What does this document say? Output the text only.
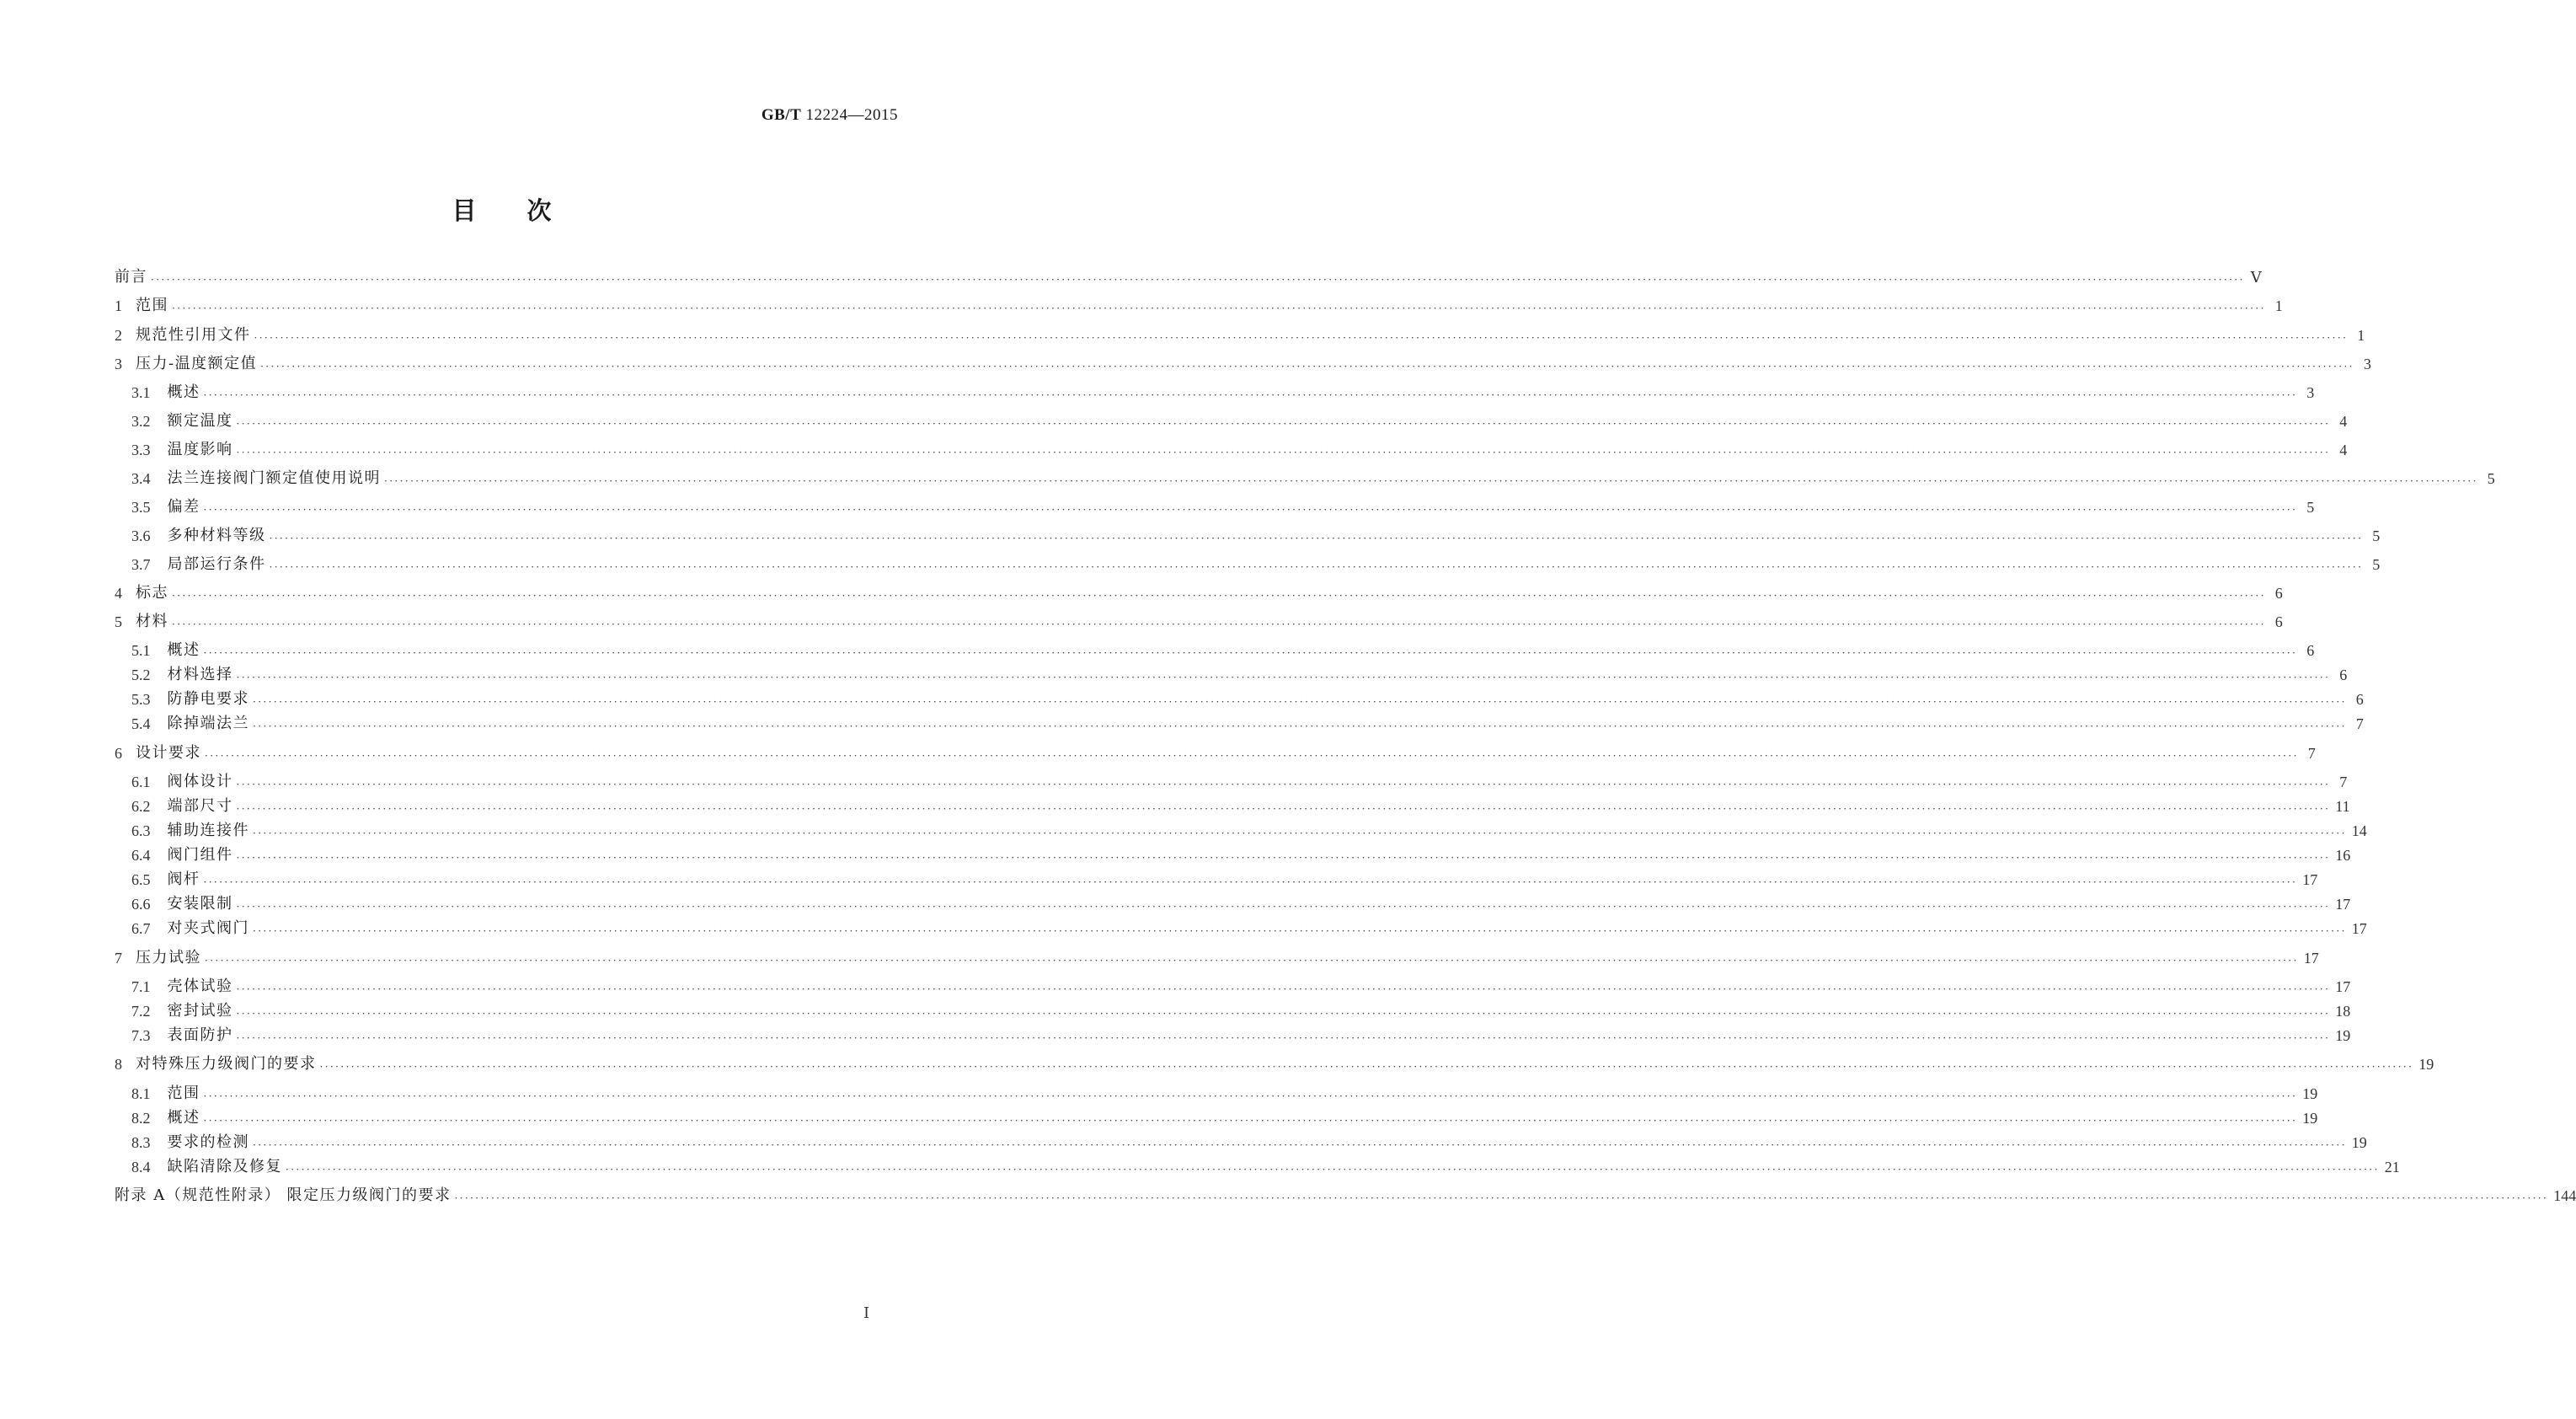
GB/T 12224—2015
目次
前言 ················································································································································································································································································································································································································ Ⅴ
1 范围 ················································································································································································································································································································································································································ 1
2 规范性引用文件 ················································································································································································································································································································································································································ 1
3 压力-温度额定值 ················································································································································································································································································································································································································ 3
3.1 概述 ················································································································································································································································································································································································································ 3
3.2 额定温度 ················································································································································································································································································································································································································ 4
3.3 温度影响 ················································································································································································································································································································································································································ 4
3.4 法兰连接阀门额定值使用说明 ················································································································································································································································································································································································································ 5
3.5 偏差 ················································································································································································································································································································································································································ 5
3.6 多种材料等级 ················································································································································································································································································································································································································ 5
3.7 局部运行条件 ················································································································································································································································································································································································································ 5
4 标志 ················································································································································································································································································································································································································ 6
5 材料 ················································································································································································································································································································································································································ 6
5.1 概述 ················································································································································································································································································································································································································ 6
5.2 材料选择 ················································································································································································································································································································································································································ 6
5.3 防静电要求 ················································································································································································································································································································································································································ 6
5.4 除掉端法兰 ················································································································································································································································································································································································································ 7
6 设计要求 ················································································································································································································································································································································································································ 7
6.1 阀体设计 ················································································································································································································································································································································································································ 7
6.2 端部尺寸 ················································································································································································································································································································································································································ 11
6.3 辅助连接件 ················································································································································································································································································································································································································ 14
6.4 阀门组件 ················································································································································································································································································································································································································ 16
6.5 阀杆 ················································································································································································································································································································································································································ 17
6.6 安装限制 ················································································································································································································································································································································································································ 17
6.7 对夹式阀门 ················································································································································································································································································································································································································ 17
7 压力试验 ················································································································································································································································································································································································································ 17
7.1 壳体试验 ················································································································································································································································································································································································································ 17
7.2 密封试验 ················································································································································································································································································································································································································ 18
7.3 表面防护 ················································································································································································································································································································································································································ 19
8 对特殊压力级阀门的要求 ················································································································································································································································································································································································································ 19
8.1 范围 ················································································································································································································································································································································································································ 19
8.2 概述 ················································································································································································································································································································································································································ 19
8.3 要求的检测 ················································································································································································································································································································································································································ 19
8.4 缺陷清除及修复 ················································································································································································································································································································································································································ 21
附录 A（规范性附录） 限定压力级阀门的要求 ················································································································································································································································································································································································································ 144
Ⅰ
